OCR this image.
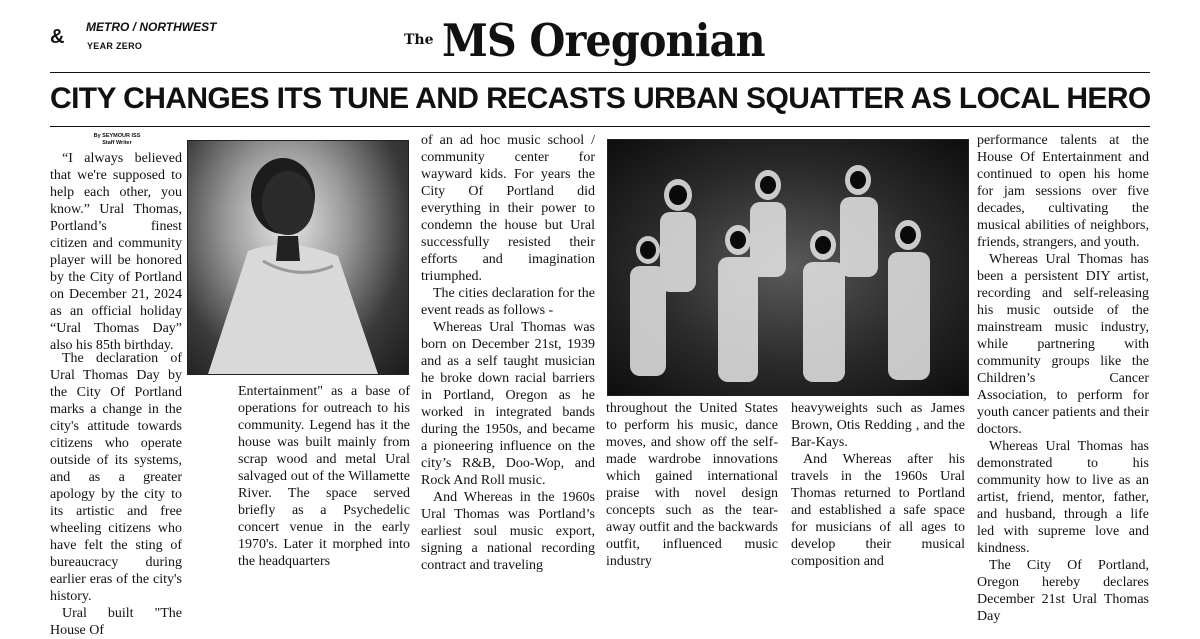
& METRO / NORTHWEST
YEAR ZERO	The MS Oregonian
CITY CHANGES ITS TUNE AND RECASTS URBAN SQUATTER AS LOCAL HERO
By SEYMOUR ISS
Staff Writer

“I always believed that we're supposed to help each other, you know.” Ural Thomas, Portland’s finest citizen and community player will be honored by the City of Portland on December 21, 2024 as an official holiday “Ural Thomas Day” also his 85th birthday.

The declaration of Ural Thomas Day by the City Of Portland marks a change in the city's attitude towards citizens who operate outside of its systems, and as a greater apology by the city to its artistic and free wheeling citizens who have felt the sting of bureaucracy during earlier eras of the city's history.

Ural built "The House Of

Entertainment" as a base of operations for outreach to his community. Legend has it the house was built mainly from scrap wood and metal Ural salvaged out of the Willamette River. The space served briefly as a Psychedelic concert venue in the early 1970's. Later it morphed into the headquarters

of an ad hoc music school / community center for wayward kids. For years the City Of Portland did everything in their power to condemn the house but Ural successfully resisted their efforts and imagination triumphed.

The cities declaration for the event reads as follows -

Whereas Ural Thomas was born on December 21st, 1939 and as a self taught musician he broke down racial barriers in Portland, Oregon as he worked in integrated bands during the 1950s, and became a pioneering influence on the city’s R&B, Doo-Wop, and Rock And Roll music.

And Whereas in the 1960s Ural Thomas was Portland’s earliest soul music export, signing a national recording contract and traveling

throughout the United States to perform his music, dance moves, and show off the self-made wardrobe innovations which gained international praise with novel design concepts such as the tear-away outfit and the backwards outfit, influenced music industry

heavyweights such as James Brown, Otis Redding , and the Bar-Kays.

And Whereas after his travels in the 1960s Ural Thomas returned to Portland and established a safe space for musicians of all ages to develop their musical composition and

performance talents at the House Of Entertainment and continued to open his home for jam sessions over five decades, cultivating the musical abilities of neighbors, friends, strangers, and youth.

Whereas Ural Thomas has been a persistent DIY artist, recording and self-releasing his music outside of the mainstream music industry, while partnering with community groups like the Children’s Cancer Association, to perform for youth cancer patients and their doctors.

Whereas Ural Thomas has demonstrated to his community how to live as an artist, friend, mentor, father, and husband, through a life led with supreme love and kindness.

The City Of Portland, Oregon hereby declares December 21st Ural Thomas Day
